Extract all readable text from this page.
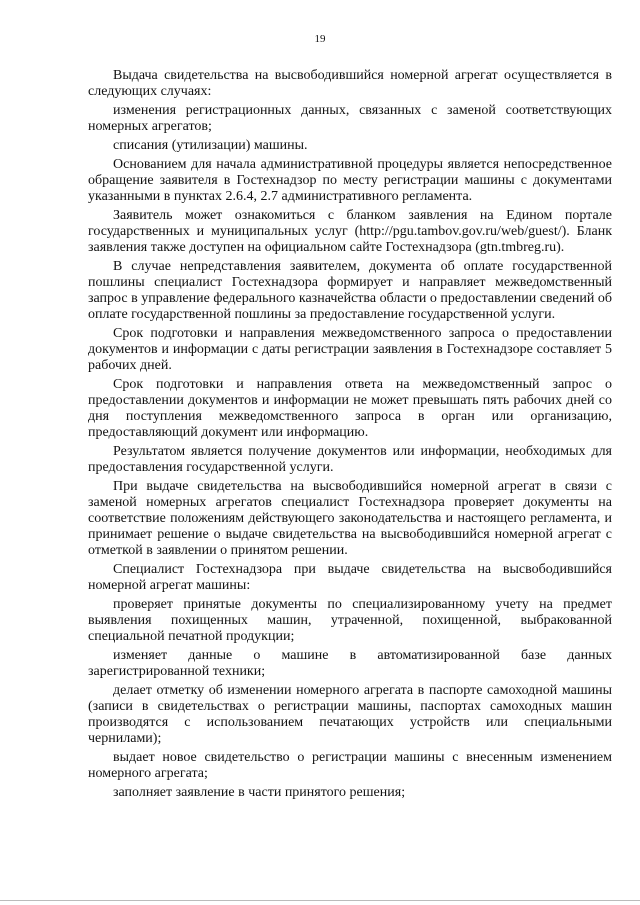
19

Выдача свидетельства на высвободившийся номерной агрегат осуществляется в следующих случаях:

изменения регистрационных данных, связанных с заменой соответствующих номерных агрегатов;

списания (утилизации) машины.

Основанием для начала административной процедуры является непосредственное обращение заявителя в Гостехнадзор по месту регистрации машины с документами указанными в пунктах 2.6.4, 2.7 административного регламента.

Заявитель может ознакомиться с бланком заявления на Едином портале государственных и муниципальных услуг (http://pgu.tambov.gov.ru/web/guest/). Бланк заявления также доступен на официальном сайте Гостехнадзора (gtn.tmbreg.ru).

В случае непредставления заявителем, документа об оплате государственной пошлины специалист Гостехнадзора формирует и направляет межведомственный запрос в управление федерального казначейства области о предоставлении сведений об оплате государственной пошлины за предоставление государственной услуги.

Срок подготовки и направления межведомственного запроса о предоставлении документов и информации с даты регистрации заявления в Гостехнадзоре составляет 5 рабочих дней.

Срок подготовки и направления ответа на межведомственный запрос о предоставлении документов и информации не может превышать пять рабочих дней со дня поступления межведомственного запроса в орган или организацию, предоставляющий документ или информацию.

Результатом является получение документов или информации, необходимых для предоставления государственной услуги.

При выдаче свидетельства на высвободившийся номерной агрегат в связи с заменой номерных агрегатов специалист Гостехнадзора проверяет документы на соответствие положениям действующего законодательства и настоящего регламента, и принимает решение о выдаче свидетельства на высвободившийся номерной агрегат с отметкой в заявлении о принятом решении.

Специалист Гостехнадзора при выдаче свидетельства на высвободившийся номерной агрегат машины:

проверяет принятые документы по специализированному учету на предмет выявления похищенных машин, утраченной, похищенной, выбракованной специальной печатной продукции;

изменяет данные о машине в автоматизированной базе данных зарегистрированной техники;

делает отметку об изменении номерного агрегата в паспорте самоходной машины (записи в свидетельствах о регистрации машины, паспортах самоходных машин производятся с использованием печатающих устройств или специальными чернилами);

выдает новое свидетельство о регистрации машины с внесенным изменением номерного агрегата;

заполняет заявление в части принятого решения;
